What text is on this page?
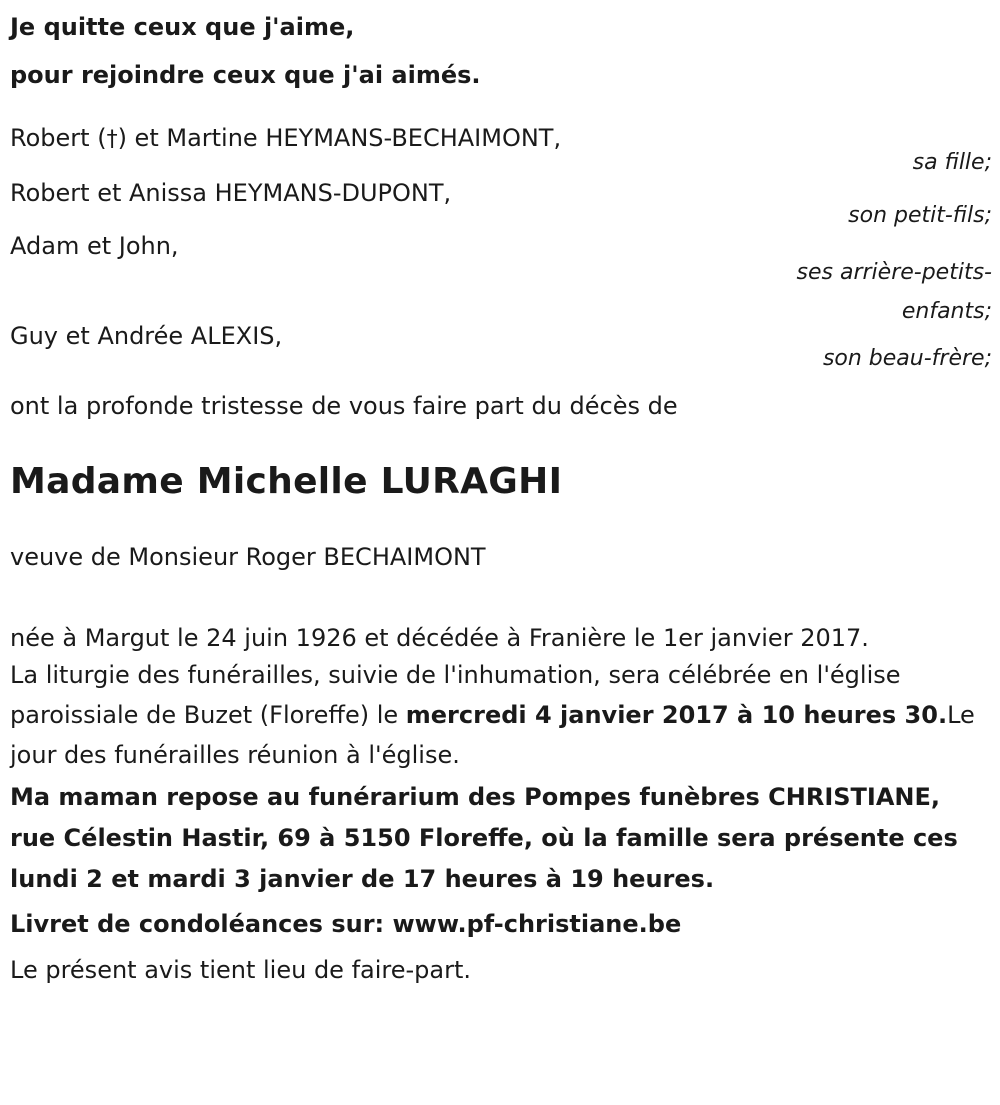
Je quitte ceux que j'aime,
pour rejoindre ceux que j'ai aimés.
Robert (†) et Martine HEYMANS-BECHAIMONT,
sa fille;
Robert et Anissa HEYMANS-DUPONT,
son petit-fils;
Adam et John,
ses arrière-petits-
enfants;
Guy et Andrée ALEXIS,
son beau-frère;
ont la profonde tristesse de vous faire part du décès de
Madame Michelle LURAGHI
veuve de Monsieur Roger BECHAIMONT
née à Margut le 24 juin 1926 et décédée à Franière le 1er janvier 2017.
La liturgie des funérailles, suivie de l'inhumation, sera célébrée en l'église paroissiale de Buzet (Floreffe) le mercredi 4 janvier 2017 à 10 heures 30.Le jour des funérailles réunion à l'église.
Ma maman repose au funérarium des Pompes funèbres CHRISTIANE, rue Célestin Hastir, 69 à 5150 Floreffe, où la famille sera présente ces lundi 2 et mardi 3 janvier de 17 heures à 19 heures.
Livret de condoléances sur: www.pf-christiane.be
Le présent avis tient lieu de faire-part.
